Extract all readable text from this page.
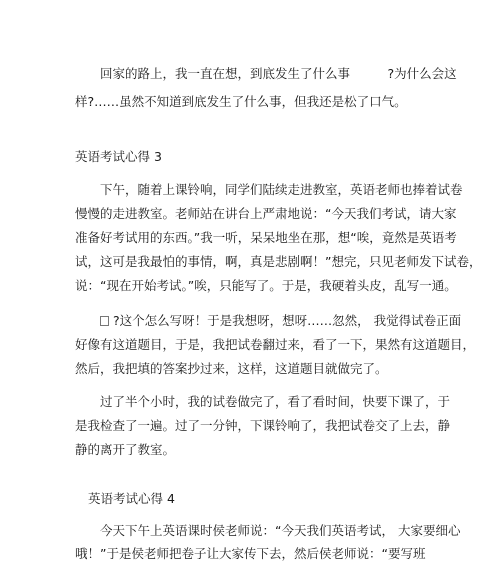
回家的路上，我一直在想，到底发生了什么事　　　?为什么会这
样?……虽然不知道到底发生了什么事，但我还是松了口气。
英语考试心得 3
下午，随着上课铃响，同学们陆续走进教室，英语老师也捧着试卷
慢慢的走进教室。老师站在讲台上严肃地说：“今天我们考试，请大家
准备好考试用的东西。”我一听，呆呆地坐在那，想“唉，竟然是英语考
试，这可是我最怕的事情，啊，真是悲剧啊！”想完，只见老师发下试卷，
说：“现在开始考试。”唉，只能写了。于是，我硬着头皮，乱写一通。
?这个怎么写呀！于是我想呀，想呀……忽然， 我觉得试卷正面
好像有这道题目，于是，我把试卷翻过来，看了一下，果然有这道题目，
然后，我把填的答案抄过来，这样，这道题目就做完了。
过了半个小时，我的试卷做完了，看了看时间，快要下课了，于
是我检查了一遍。过了一分钟，下课铃响了，我把试卷交了上去，静
静的离开了教室。
英语考试心得 4
今天下午上英语课时侯老师说：“今天我们英语考试， 大家要细心
哦！”于是侯老师把卷子让大家传下去，然后侯老师说：“要写班
